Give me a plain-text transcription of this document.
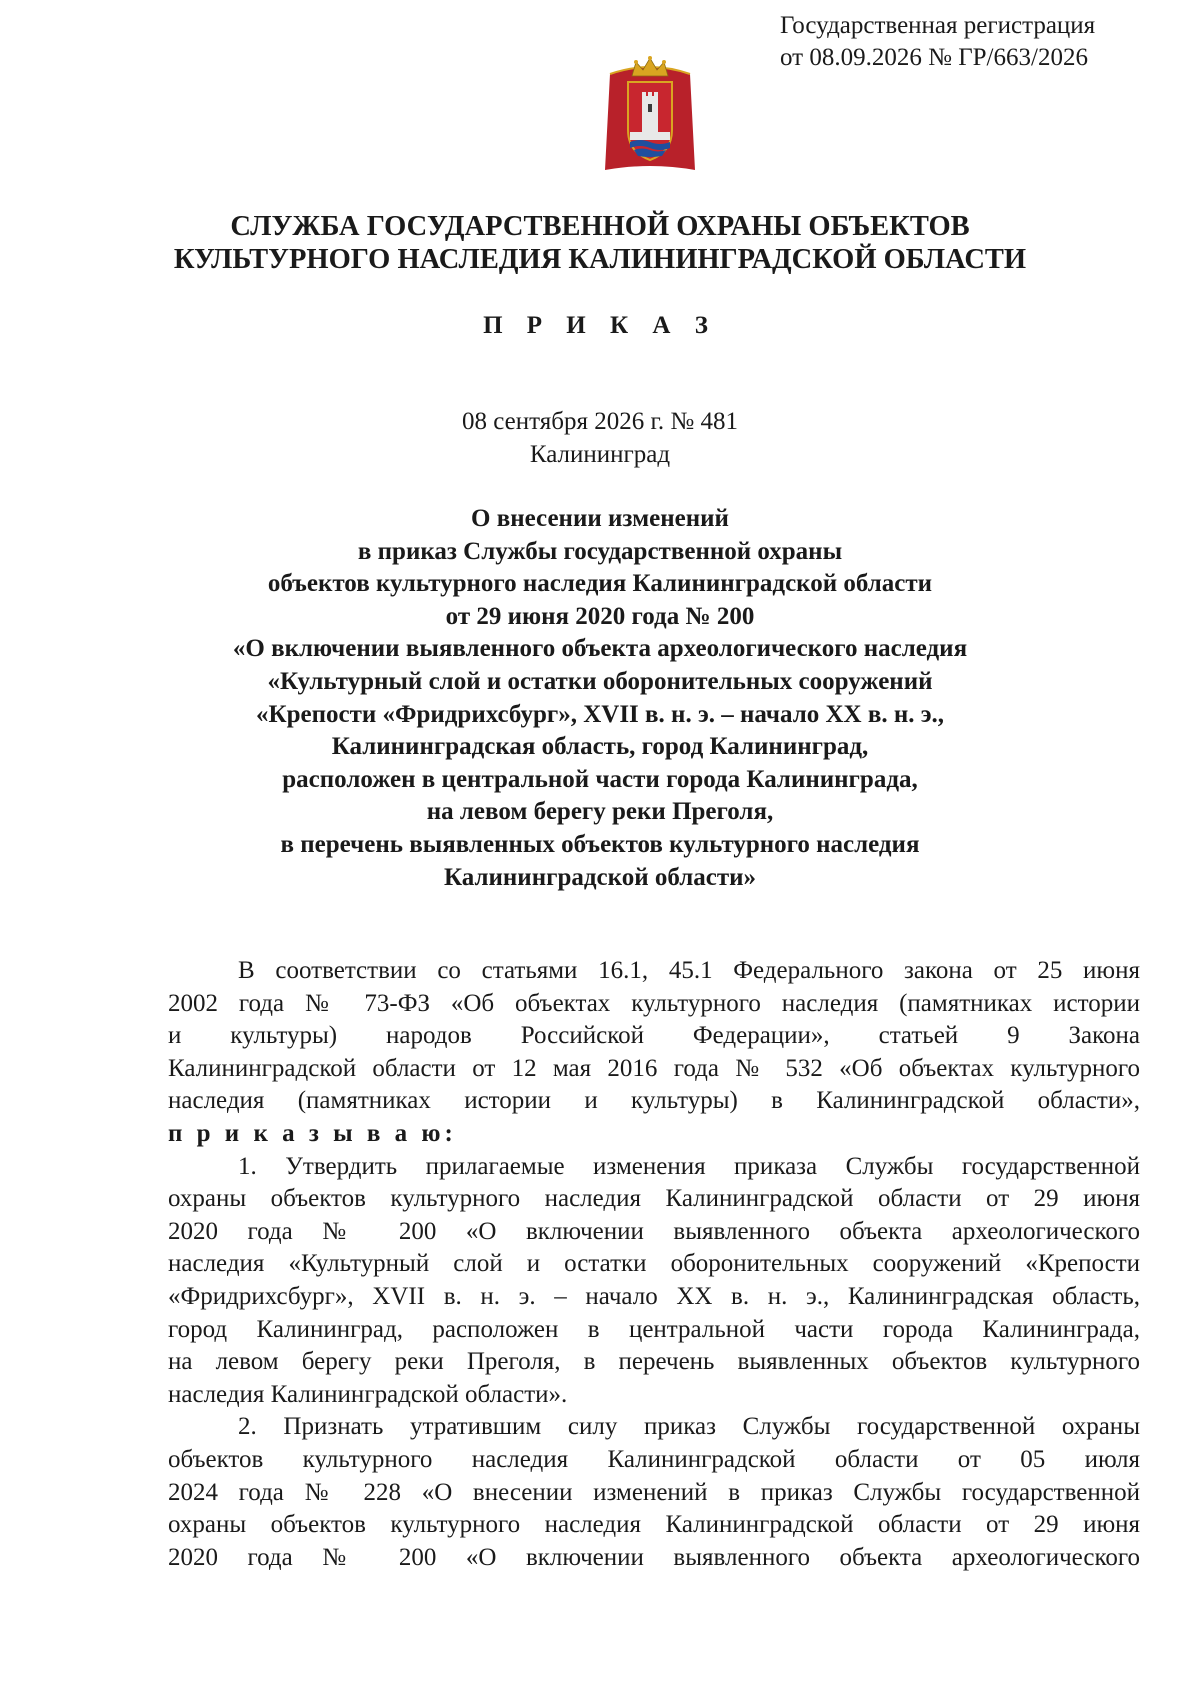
Государственная регистрация
от 08.09.2026 № ГР/663/2026
СЛУЖБА ГОСУДАРСТВЕННОЙ ОХРАНЫ ОБЪЕКТОВ
КУЛЬТУРНОГО НАСЛЕДИЯ КАЛИНИНГРАДСКОЙ ОБЛАСТИ
П Р И К А З
08 сентября 2026 г. № 481
Калининград
О внесении изменений
в приказ Службы государственной охраны
объектов культурного наследия Калининградской области
от 29 июня 2020 года № 200
«О включении выявленного объекта археологического наследия
«Культурный слой и остатки оборонительных сооружений
«Крепости «Фридрихсбург», XVII в. н. э. – начало XX в. н. э.,
Калининградская область, город Калининград,
расположен в центральной части города Калининграда,
на левом берегу реки Преголя,
в перечень выявленных объектов культурного наследия
Калининградской области»
В соответствии со статьями 16.1, 45.1 Федерального закона от 25 июня
2002 года № 73-ФЗ «Об объектах культурного наследия (памятниках истории
и культуры) народов Российской Федерации», статьей 9 Закона
Калининградской области от 12 мая 2016 года № 532 «Об объектах культурного
наследия (памятниках истории и культуры) в Калининградской области»,
п р и к а з ы в а ю:
1. Утвердить прилагаемые изменения приказа Службы государственной
охраны объектов культурного наследия Калининградской области от 29 июня
2020 года № 200 «О включении выявленного объекта археологического
наследия «Культурный слой и остатки оборонительных сооружений «Крепости
«Фридрихсбург», XVII в. н. э. – начало XX в. н. э., Калининградская область,
город Калининград, расположен в центральной части города Калининграда,
на левом берегу реки Преголя, в перечень выявленных объектов культурного
наследия Калининградской области».
2. Признать утратившим силу приказ Службы государственной охраны
объектов культурного наследия Калининградской области от 05 июля
2024 года № 228 «О внесении изменений в приказ Службы государственной
охраны объектов культурного наследия Калининградской области от 29 июня
2020 года № 200 «О включении выявленного объекта археологического
